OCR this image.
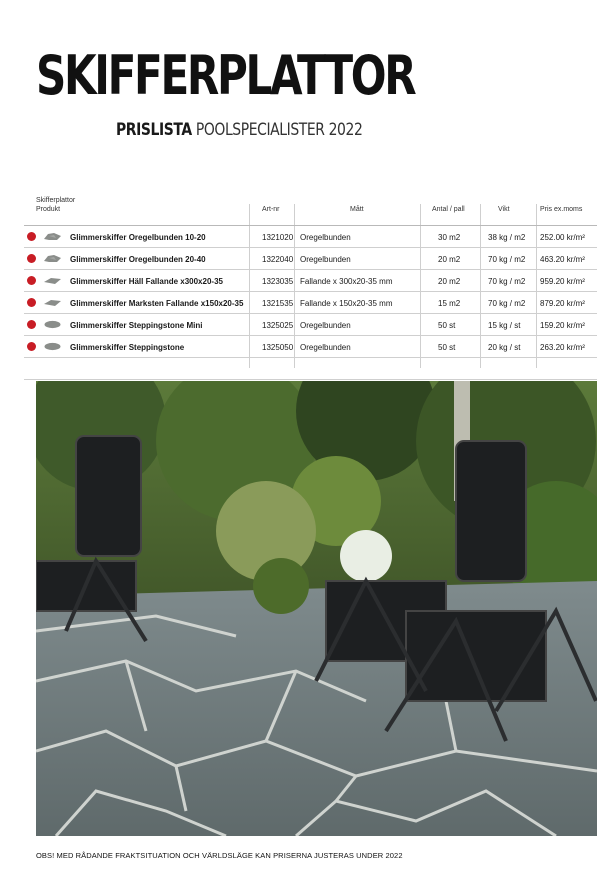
SKIFFERPLATTOR
PRISLISTA POOLSPECIALISTER 2022
Skifferplattor
Produkt	Art-nr	Mått	Antal / pall	Vikt	Pris ex.moms
Glimmerskiffer Oregelbunden 10-20	1321020 Oregelbunden	30 m2	38 kg / m2 252.00 kr/m²
Glimmerskiffer Oregelbunden 20-40	1322040 Oregelbunden	20 m2	70 kg / m2 463.20 kr/m²
Glimmerskiffer Häll Fallande x300x20-35	1323035 Fallande x 300x20-35 mm	20 m2	70 kg / m2 959.20 kr/m²
Glimmerskiffer Marksten Fallande x150x20-35 1321535 Fallande x 150x20-35 mm	15 m2	70 kg / m2 879.20 kr/m²
Glimmerskiffer Steppingstone Mini	1325025 Oregelbunden	50 st	15 kg / st 159.20 kr/m²
Glimmerskiffer Steppingstone	1325050 Oregelbunden	50 st	20 kg / st 263.20 kr/m²
OBS! MED RÅDANDE FRAKTSITUATION OCH VÄRLDSLÄGE KAN PRISERNA JUSTERAS UNDER 2022
